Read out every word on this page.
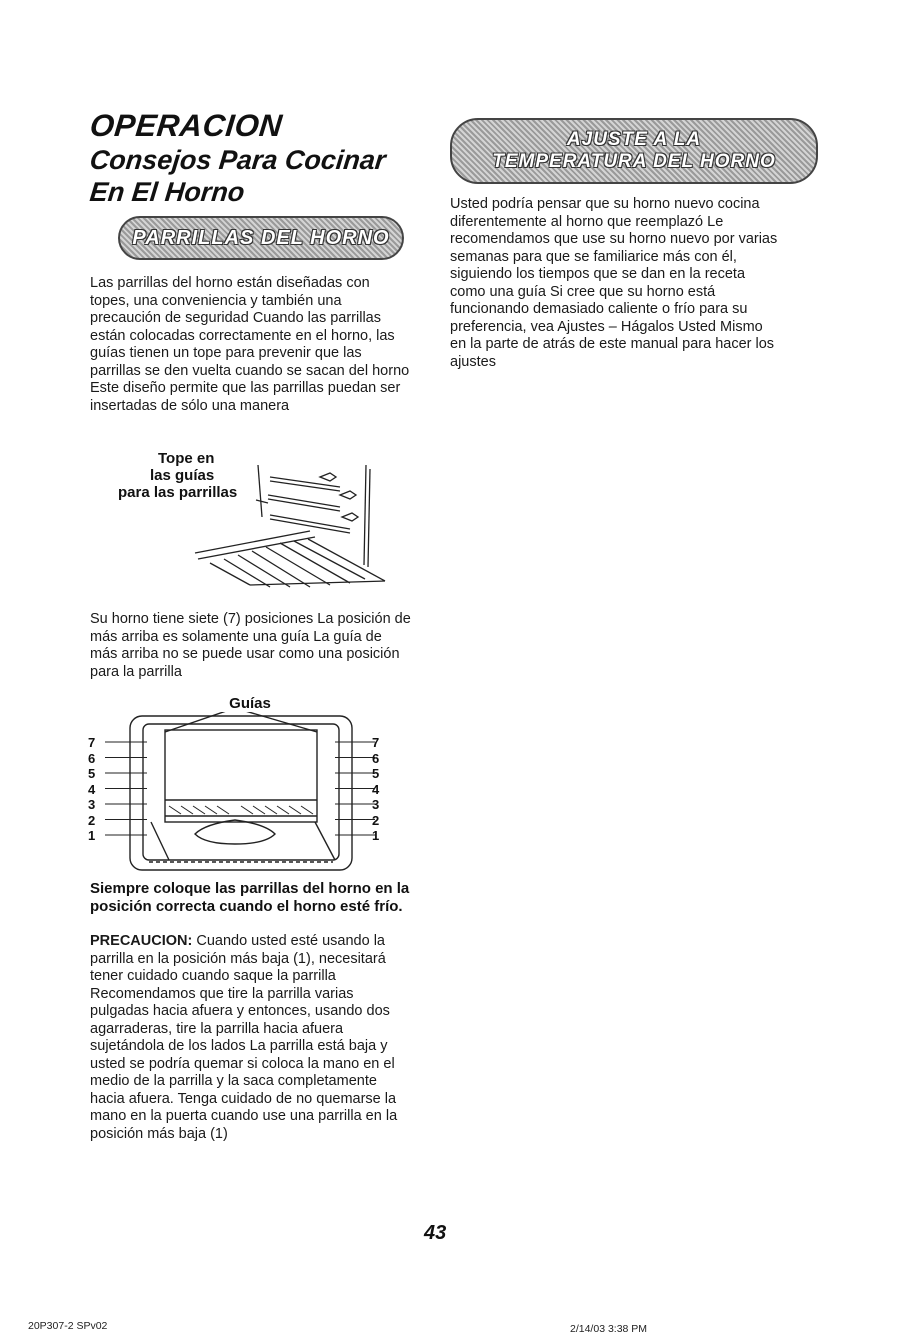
OPERACION
Consejos Para Cocinar
En El Horno
PARRILLAS DEL HORNO

Las parrillas del horno están diseñadas con topes, una conveniencia y también una precaución de seguridad Cuando las parrillas están colocadas correctamente en el horno, las guías tienen un tope para prevenir que las parrillas se den vuelta cuando se sacan del horno Este diseño permite que las parrillas puedan ser insertadas de sólo una manera

Tope en
las guías
para las parrillas

Su horno tiene siete (7) posiciones La posición de más arriba es solamente una guía La guía de más arriba no se puede usar como una posición para la parrilla

Guías
7
6
5
4
3
2
1
7
6
5
4
3
2
1
Siempre coloque las parrillas del horno en la posición correcta cuando el horno esté frío.

PRECAUCION: Cuando usted esté usando la parrilla en la posición más baja (1), necesitará tener cuidado cuando saque la parrilla Recomendamos que tire la parrilla varias pulgadas hacia afuera y entonces, usando dos agarraderas, tire la parrilla hacia afuera sujetándola de los lados La parrilla está baja y usted se podría quemar si coloca la mano en el medio de la parrilla y la saca completamente hacia afuera. Tenga cuidado de no quemarse la mano en la puerta cuando use una parrilla en la posición más baja (1)

AJUSTE A LA
TEMPERATURA DEL HORNO

Usted podría pensar que su horno nuevo cocina diferentemente al horno que reemplazó Le recomendamos que use su horno nuevo por varias semanas para que se familiarice más con él, siguiendo los tiempos que se dan en la receta como una guía Si cree que su horno está funcionando demasiado caliente o frío para su preferencia, vea Ajustes – Hágalos Usted Mismo en la parte de atrás de este manual para hacer los ajustes

43
20P307-2 SPv02	2/14/03 3:38 PM
